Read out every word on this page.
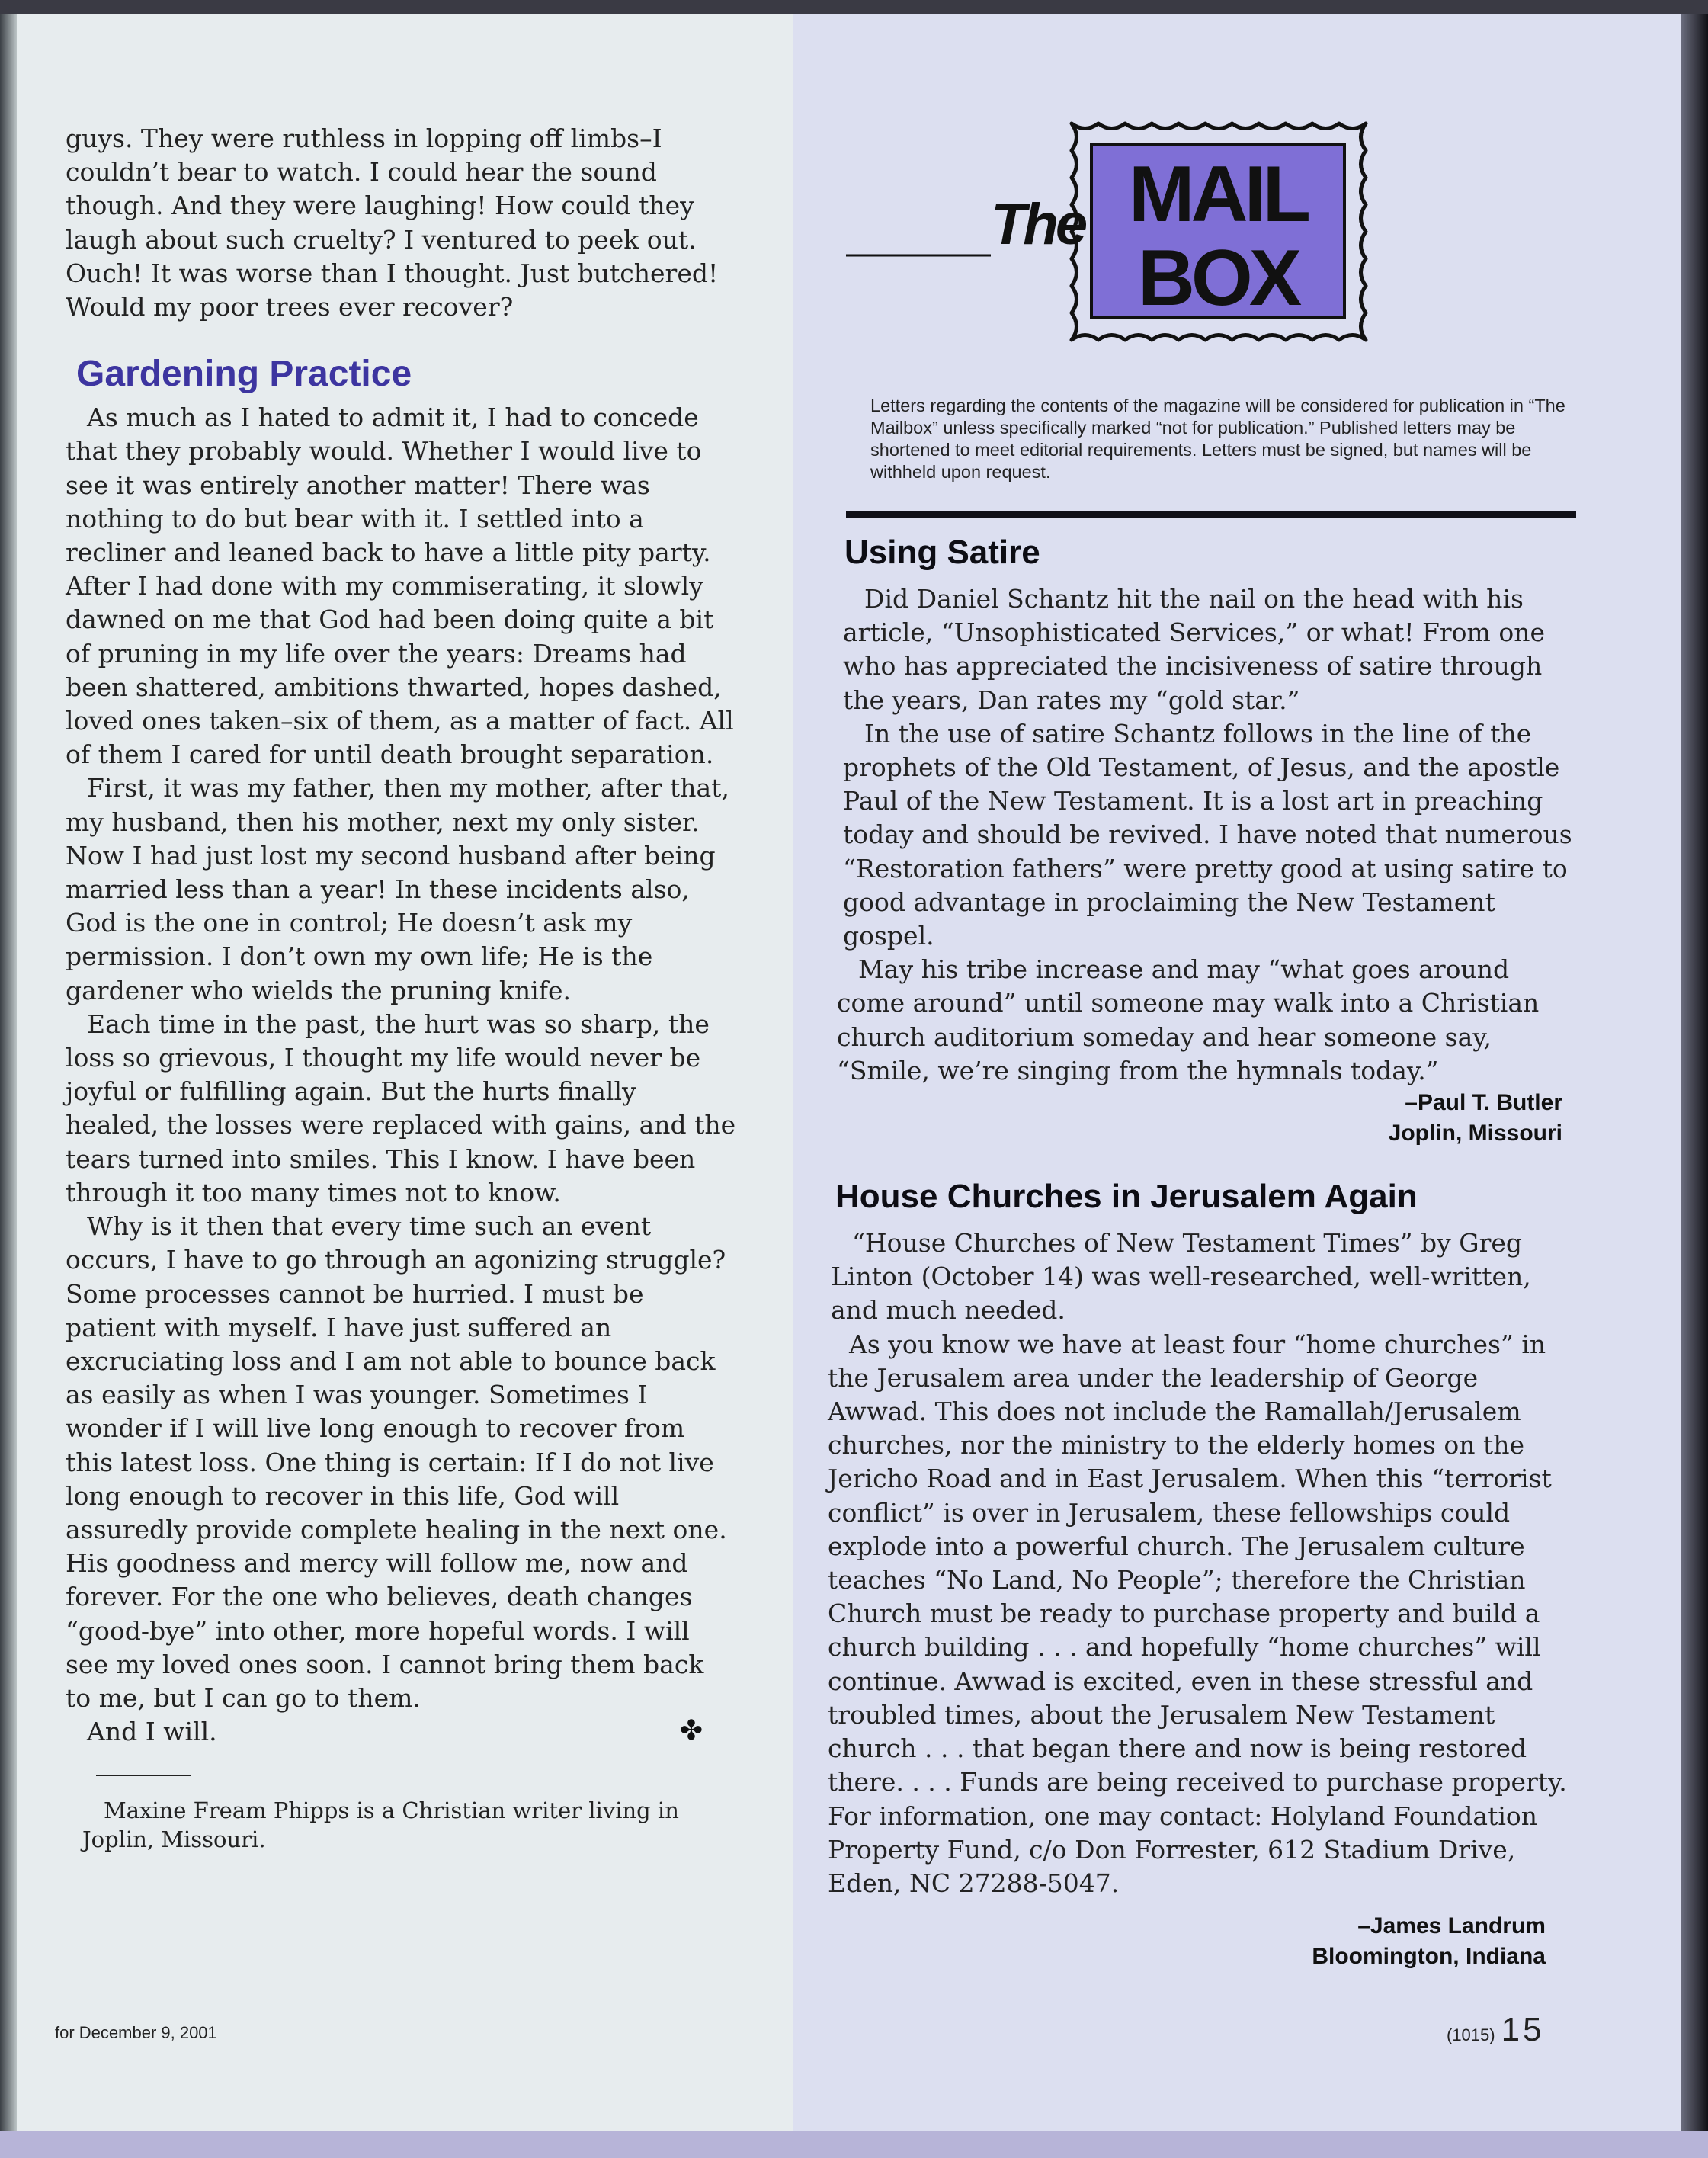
guys. They were ruthless in lopping off limbs–I couldn’t bear to watch. I could hear the sound though. And they were laughing! How could they laugh about such cruelty? I ventured to peek out. Ouch! It was worse than I thought. Just butchered! Would my poor trees ever recover?

Gardening Practice

As much as I hated to admit it, I had to concede that they probably would. Whether I would live to see it was entirely another matter! There was nothing to do but bear with it. I settled into a recliner and leaned back to have a little pity party. After I had done with my commiserating, it slowly dawned on me that God had been doing quite a bit of pruning in my life over the years: Dreams had been shattered, ambitions thwarted, hopes dashed, loved ones taken–six of them, as a matter of fact. All of them I cared for until death brought separation.

First, it was my father, then my mother, after that, my husband, then his mother, next my only sister. Now I had just lost my second husband after being married less than a year! In these incidents also, God is the one in control; He doesn’t ask my permission. I don’t own my own life; He is the gardener who wields the pruning knife.

Each time in the past, the hurt was so sharp, the loss so grievous, I thought my life would never be joyful or fulfilling again. But the hurts finally healed, the losses were replaced with gains, and the tears turned into smiles. This I know. I have been through it too many times not to know.

Why is it then that every time such an event occurs, I have to go through an agonizing struggle? Some processes cannot be hurried. I must be patient with myself. I have just suffered an excruciating loss and I am not able to bounce back as easily as when I was younger. Sometimes I wonder if I will live long enough to recover from this latest loss. One thing is certain: If I do not live long enough to recover in this life, God will assuredly provide complete healing in the next one. His goodness and mercy will follow me, now and forever. For the one who believes, death changes “good-bye” into other, more hopeful words. I will see my loved ones soon. I cannot bring them back to me, but I can go to them.

And I will.	✤

Maxine Fream Phipps is a Christian writer living in Joplin, Missouri.

The MAIL
BOX

Letters regarding the contents of the magazine will be considered for publication in “The Mailbox” unless specifically marked “not for publication.” Published letters may be shortened to meet editorial requirements. Letters must be signed, but names will be withheld upon request.

Using Satire

Did Daniel Schantz hit the nail on the head with his article, “Unsophisticated Services,” or what! From one who has appreciated the incisiveness of satire through the years, Dan rates my “gold star.”

In the use of satire Schantz follows in the line of the prophets of the Old Testament, of Jesus, and the apostle Paul of the New Testament. It is a lost art in preaching today and should be revived. I have noted that numerous “Restoration fathers” were pretty good at using satire to good advantage in proclaiming the New Testament gospel.

May his tribe increase and may “what goes around come around” until someone may walk into a Christian church auditorium someday and hear someone say, “Smile, we’re singing from the hymnals today.”

–Paul T. Butler

Joplin, Missouri

House Churches in Jerusalem Again

“House Churches of New Testament Times” by Greg Linton (October 14) was well-researched, well-written, and much needed.

As you know we have at least four “home churches” in the Jerusalem area under the leadership of George Awwad. This does not include the Ramallah/Jerusalem churches, nor the ministry to the elderly homes on the Jericho Road and in East Jerusalem. When this “terrorist conflict” is over in Jerusalem, these fellowships could explode into a powerful church. The Jerusalem culture teaches “No Land, No People”; therefore the Christian Church must be ready to purchase property and build a church building . . . and hopefully “home churches” will continue. Awwad is excited, even in these stressful and troubled times, about the Jerusalem New Testament church . . . that began there and now is being restored there. . . . Funds are being received to purchase property. For information, one may contact: Holyland Foundation Property Fund, c/o Don Forrester, 612 Stadium Drive, Eden, NC 27288-5047.

–James Landrum

Bloomington, Indiana

for December 9, 2001	(1015) 15
